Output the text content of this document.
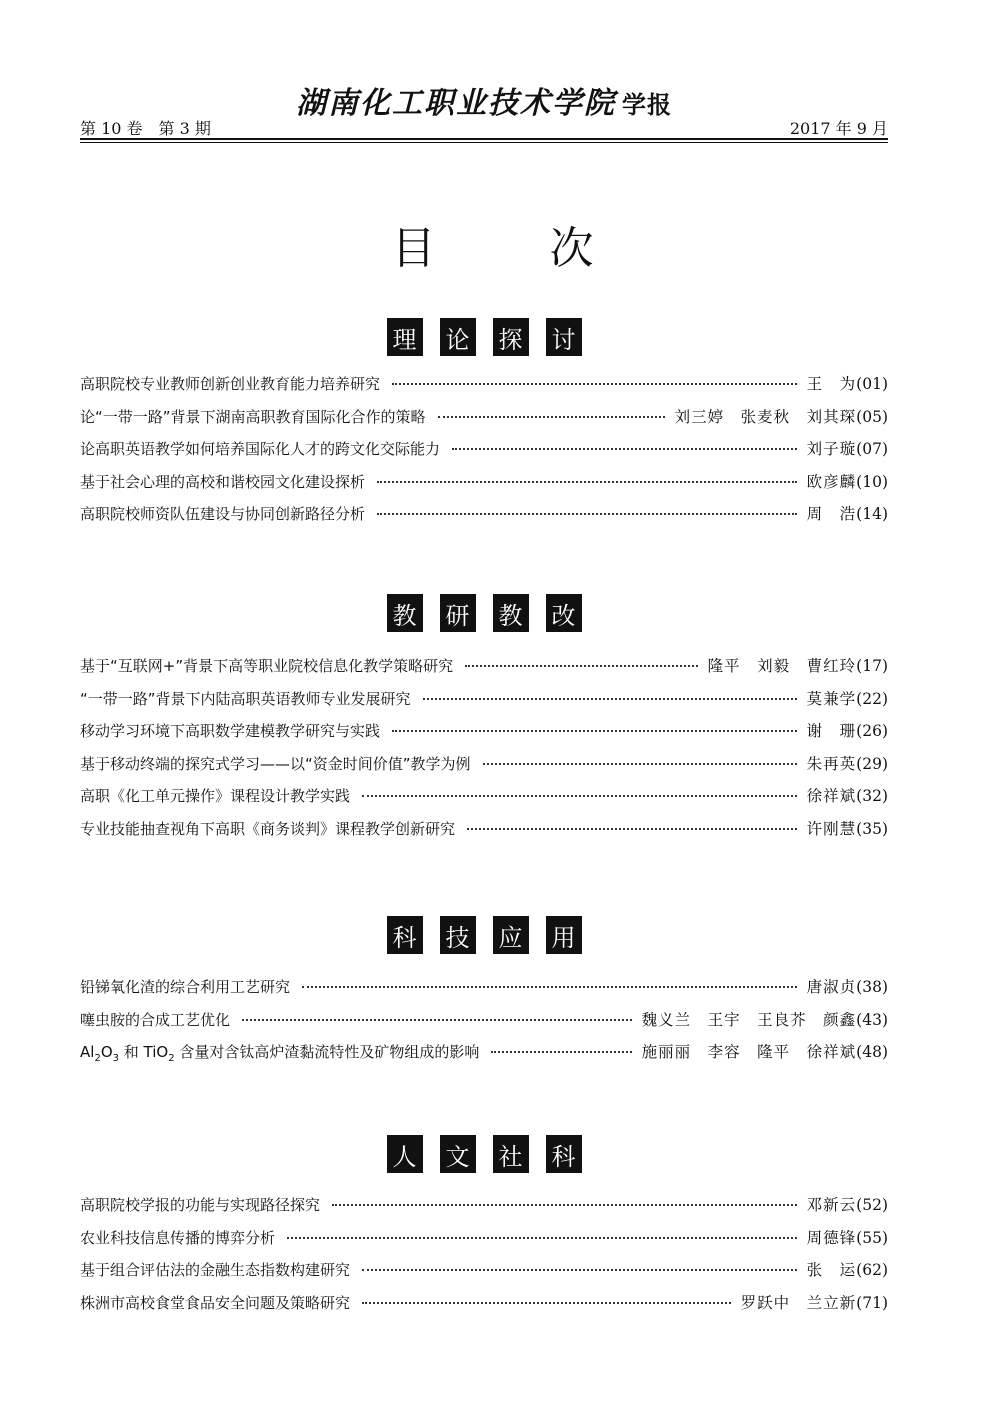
湖南化工职业技术学院 学报
第 10 卷　第 3 期	2017 年 9 月
目 次
理 论 探 讨
高职院校专业教师创新创业教育能力培养研究	王　为 (01)
论“一带一路”背景下湖南高职教育国际化合作的策略	刘三婷　张麦秋　刘其琛 (05)
论高职英语教学如何培养国际化人才的跨文化交际能力	刘子璇 (07)
基于社会心理的高校和谐校园文化建设探析	欧彦麟 (10)
高职院校师资队伍建设与协同创新路径分析	周　浩 (14)
教 研 教 改
基于“互联网+”背景下高等职业院校信息化教学策略研究	隆平　刘毅　曹红玲 (17)
“一带一路”背景下内陆高职英语教师专业发展研究	莫兼学 (22)
移动学习环境下高职数学建模教学研究与实践	谢　珊 (26)
基于移动终端的探究式学习——以“资金时间价值”教学为例	朱再英 (29)
高职《化工单元操作》课程设计教学实践	徐祥斌 (32)
专业技能抽查视角下高职《商务谈判》课程教学创新研究	许刚慧 (35)
科 技 应 用
铅锑氧化渣的综合利用工艺研究	唐淑贞 (38)
噻虫胺的合成工艺优化	魏义兰　王宇　王良芥　颜鑫 (43)
$Al_2O_3$ 和 TiO$_2$ 含量对含钛高炉渣黏流特性及矿物组成的影响	施丽丽　李容　隆平　徐祥斌 (48)
人 文 社 科
高职院校学报的功能与实现路径探究	邓新云 (52)
农业科技信息传播的博弈分析	周德锋 (55)
基于组合评估法的金融生态指数构建研究	张　运 (62)
株洲市高校食堂食品安全问题及策略研究	罗跃中　兰立新 (71)
